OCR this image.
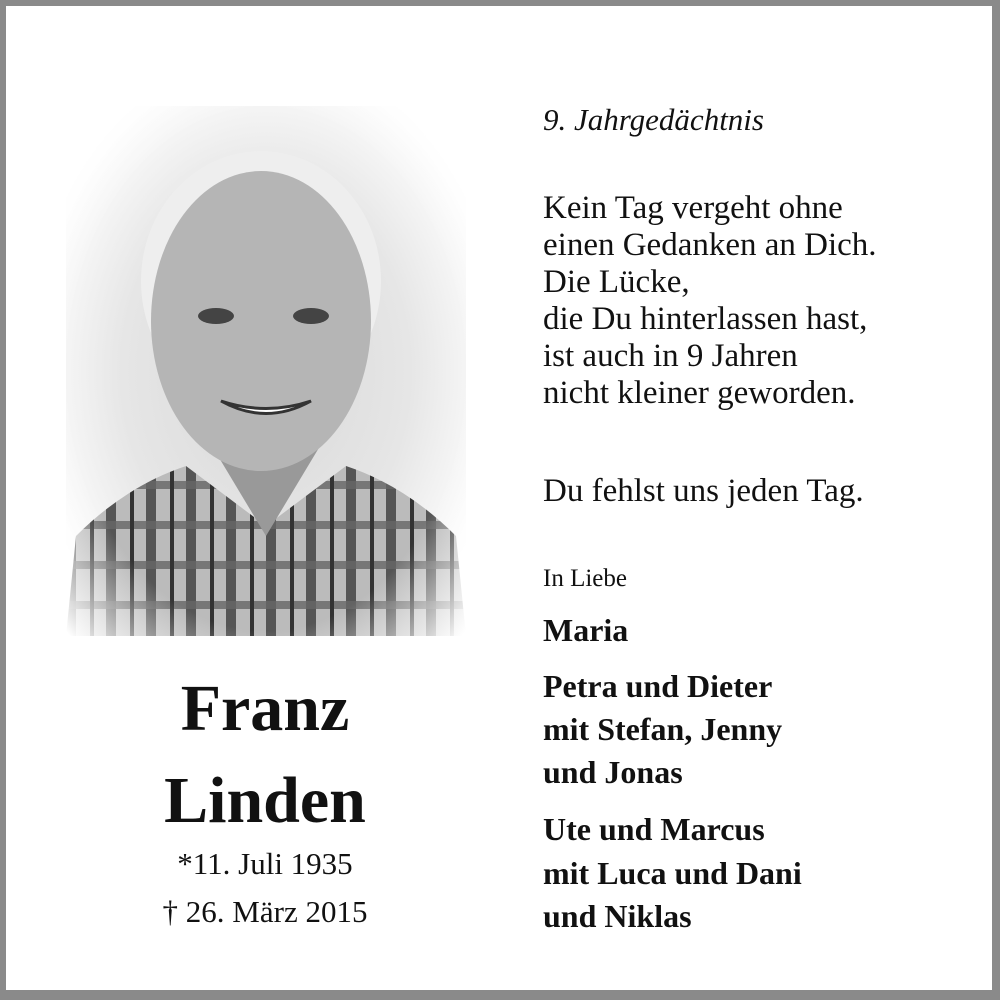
9. Jahrgedächtnis
Kein Tag vergeht ohne
einen Gedanken an Dich.
Die Lücke,
die Du hinterlassen hast,
ist auch in 9 Jahren
nicht kleiner geworden.
Du fehlst uns jeden Tag.
In Liebe
Maria
Petra und Dieter
mit Stefan, Jenny
und Jonas
Ute und Marcus
mit Luca und Dani
und Niklas
Franz
Linden
*11. Juli 1935
† 26. März 2015
